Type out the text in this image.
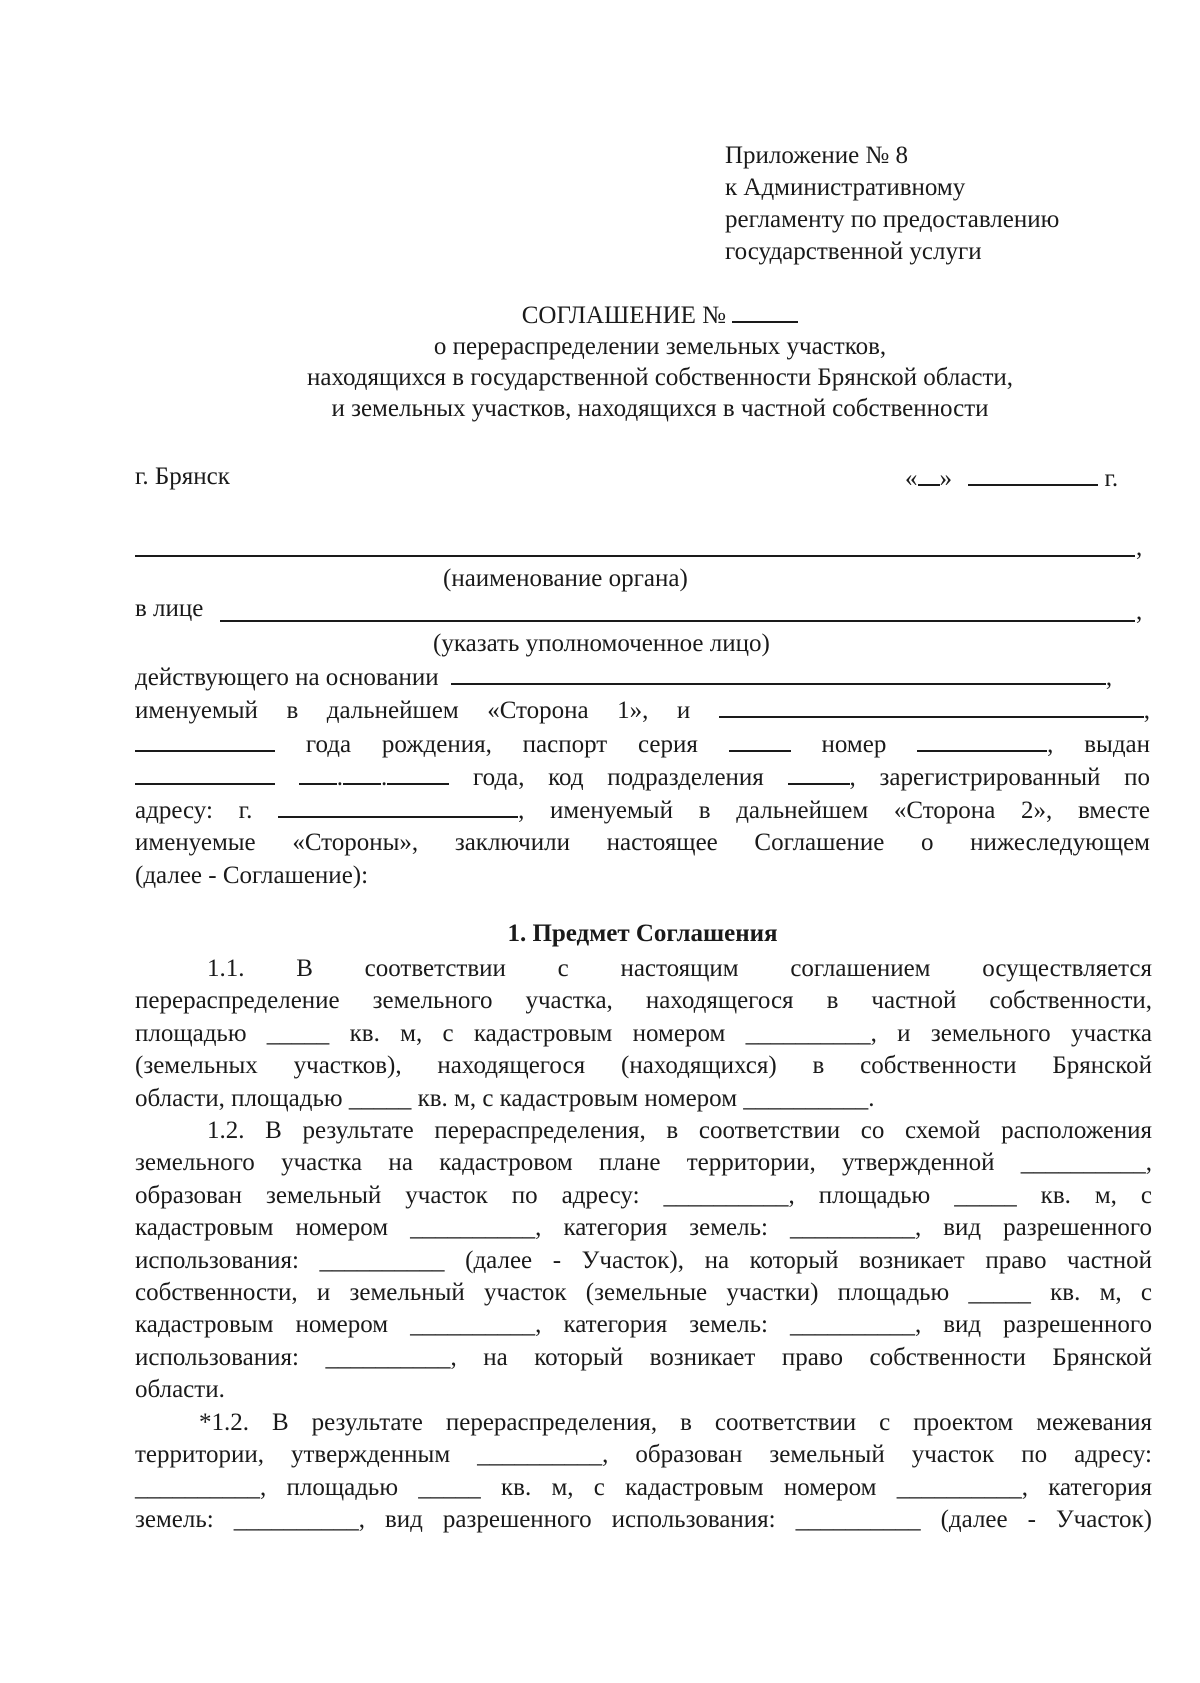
Приложение № 8
к Административному
регламенту по предоставлению
государственной услуги
СОГЛАШЕНИЕ №
о перераспределении земельных участков,
находящихся в государственной собственности Брянской области,
и земельных участков, находящихся в частной собственности
г. Брянск	« »	г.
,
(наименование органа)
в лице	,
(указать уполномоченное лицо)
действующего на основании	,
именуемый в дальнейшем «Сторона 1», и	,
года рождения, паспорт серия	номер	, выдан
. .	года, код подразделения	, зарегистрированный по
адресу: г.	, именуемый в дальнейшем «Сторона 2», вместе
именуемые «Стороны», заключили настоящее Соглашение о нижеследующем
(далее - Соглашение):
1. Предмет Соглашения
1.1. В соответствии с настоящим соглашением осуществляется
перераспределение земельного участка, находящегося в частной собственности,
площадью _____ кв. м, с кадастровым номером __________, и земельного участка
(земельных участков), находящегося (находящихся) в собственности Брянской
области, площадью _____ кв. м, с кадастровым номером __________.
1.2. В результате перераспределения, в соответствии со схемой расположения
земельного участка на кадастровом плане территории, утвержденной __________,
образован земельный участок по адресу: __________, площадью _____ кв. м, с
кадастровым номером __________, категория земель: __________, вид разрешенного
использования: __________ (далее - Участок), на который возникает право частной
собственности, и земельный участок (земельные участки) площадью _____ кв. м, с
кадастровым номером __________, категория земель: __________, вид разрешенного
использования: __________, на который возникает право собственности Брянской
области.
*1.2. В результате перераспределения, в соответствии с проектом межевания
территории, утвержденным __________, образован земельный участок по адресу:
__________, площадью _____ кв. м, с кадастровым номером __________, категория
земель: __________, вид разрешенного использования: __________ (далее - Участок)
